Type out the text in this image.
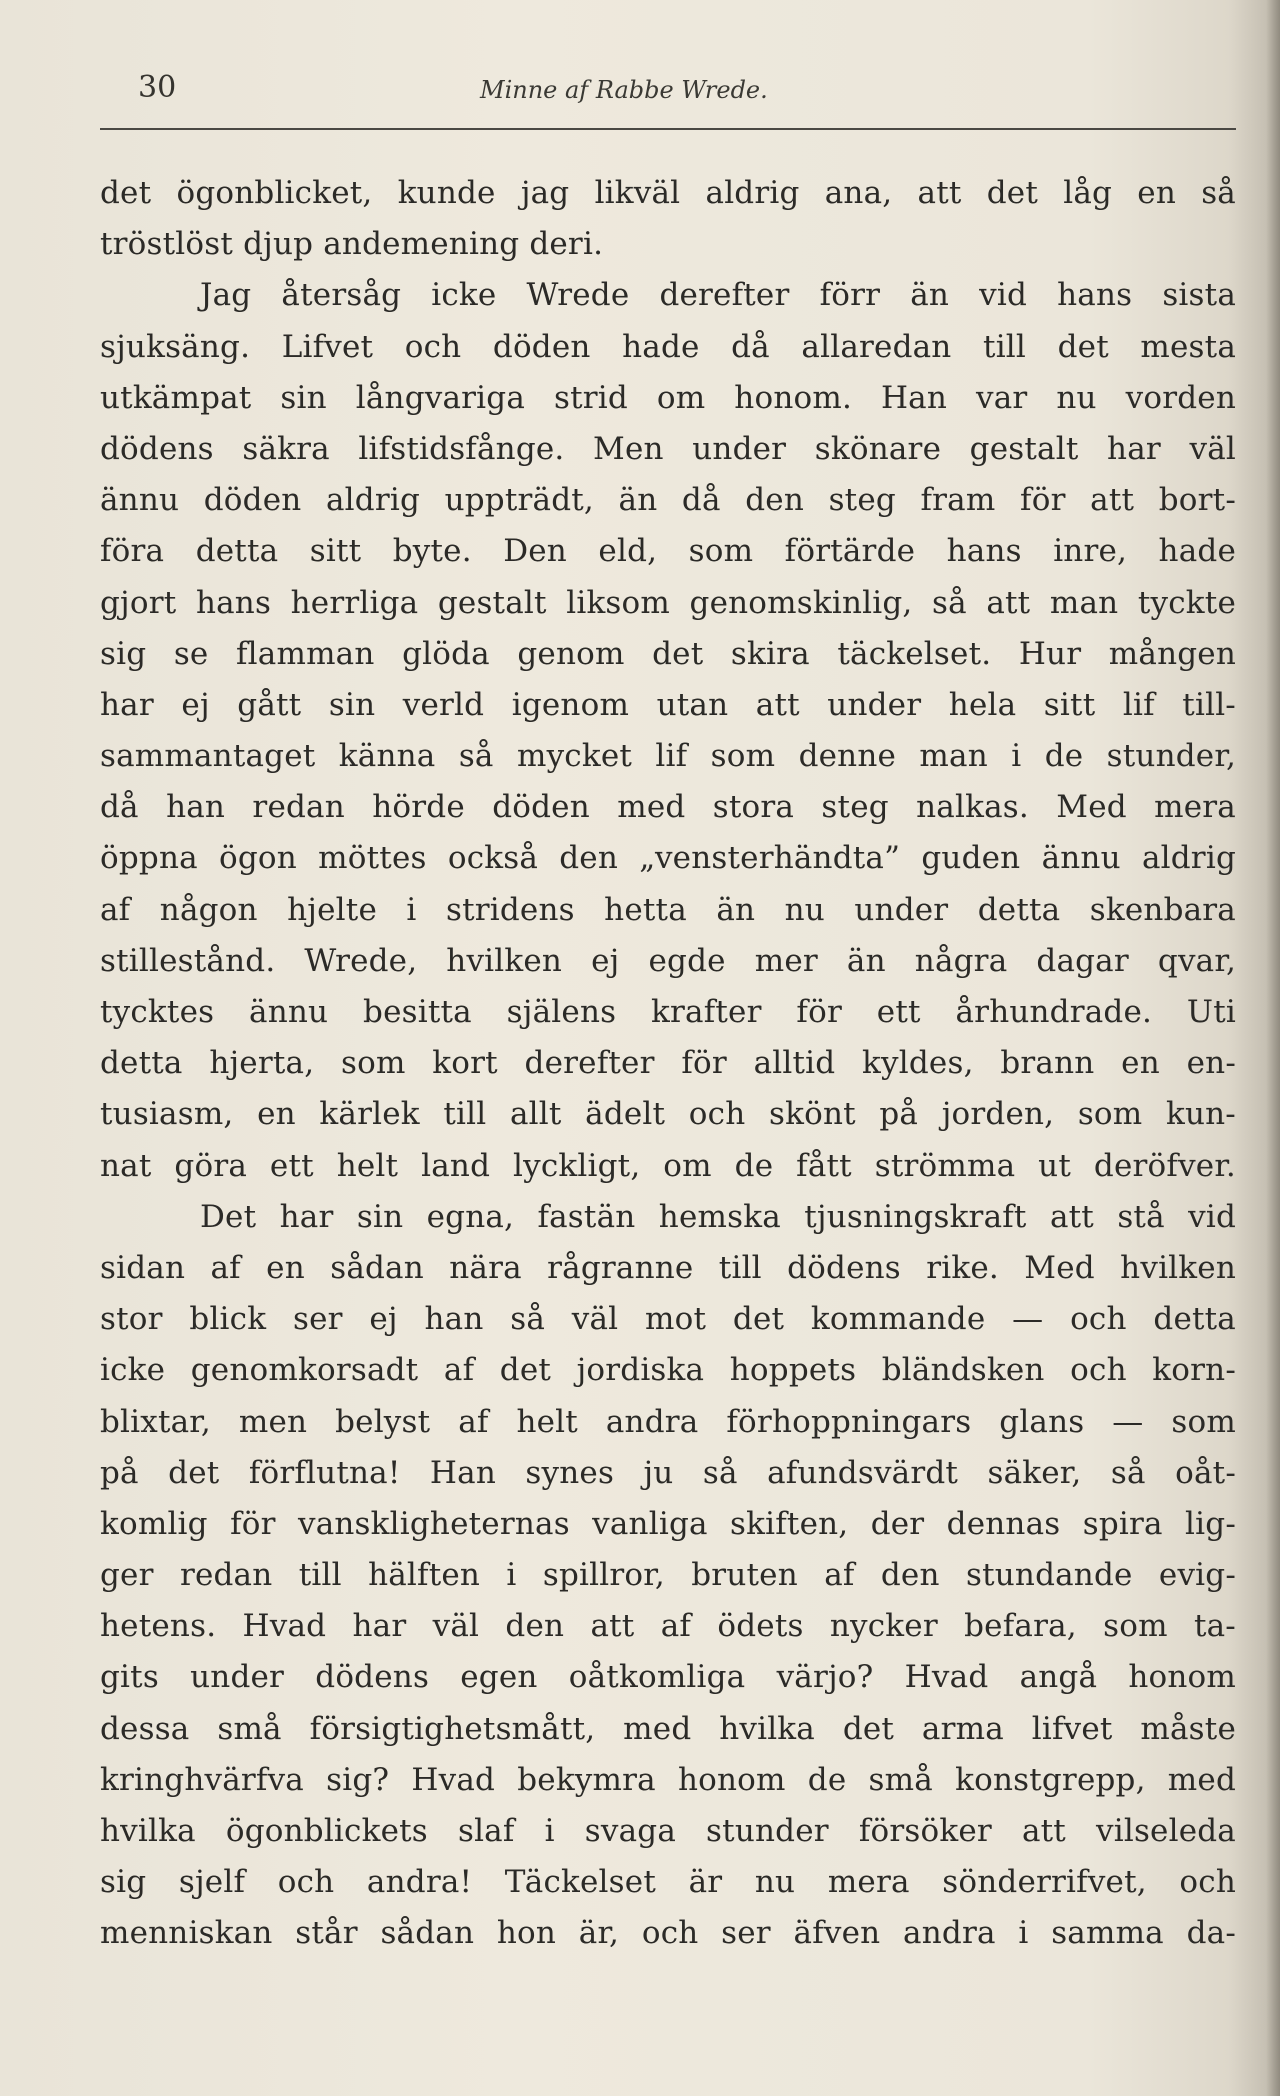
30	Minne af Rabbe Wrede.
det ögonblicket, kunde jag likväl aldrig ana, att det låg en så
tröstlöst djup andemening deri.
Jag återsåg icke Wrede derefter förr än vid hans sista
sjuksäng. Lifvet och döden hade då allaredan till det mesta
utkämpat sin långvariga strid om honom. Han var nu vorden
dödens säkra lifstidsfånge. Men under skönare gestalt har väl
ännu döden aldrig uppträdt, än då den steg fram för att bort-
föra detta sitt byte. Den eld, som förtärde hans inre, hade
gjort hans herrliga gestalt liksom genomskinlig, så att man tyckte
sig se flamman glöda genom det skira täckelset. Hur mången
har ej gått sin verld igenom utan att under hela sitt lif till-
sammantaget känna så mycket lif som denne man i de stunder,
då han redan hörde döden med stora steg nalkas. Med mera
öppna ögon möttes också den „vensterhändta” guden ännu aldrig
af någon hjelte i stridens hetta än nu under detta skenbara
stillestånd. Wrede, hvilken ej egde mer än några dagar qvar,
tycktes ännu besitta själens krafter för ett århundrade. Uti
detta hjerta, som kort derefter för alltid kyldes, brann en en-
tusiasm, en kärlek till allt ädelt och skönt på jorden, som kun-
nat göra ett helt land lyckligt, om de fått strömma ut deröfver.
Det har sin egna, fastän hemska tjusningskraft att stå vid
sidan af en sådan nära rågranne till dödens rike. Med hvilken
stor blick ser ej han så väl mot det kommande — och detta
icke genomkorsadt af det jordiska hoppets bländsken och korn-
blixtar, men belyst af helt andra förhoppningars glans — som
på det förflutna! Han synes ju så afundsvärdt säker, så oåt-
komlig för vanskligheternas vanliga skiften, der dennas spira lig-
ger redan till hälften i spillror, bruten af den stundande evig-
hetens. Hvad har väl den att af ödets nycker befara, som ta-
gits under dödens egen oåtkomliga värjo? Hvad angå honom
dessa små försigtighetsmått, med hvilka det arma lifvet måste
kringhvärfva sig? Hvad bekymra honom de små konstgrepp, med
hvilka ögonblickets slaf i svaga stunder försöker att vilseleda
sig sjelf och andra! Täckelset är nu mera sönderrifvet, och
menniskan står sådan hon är, och ser äfven andra i samma da-
